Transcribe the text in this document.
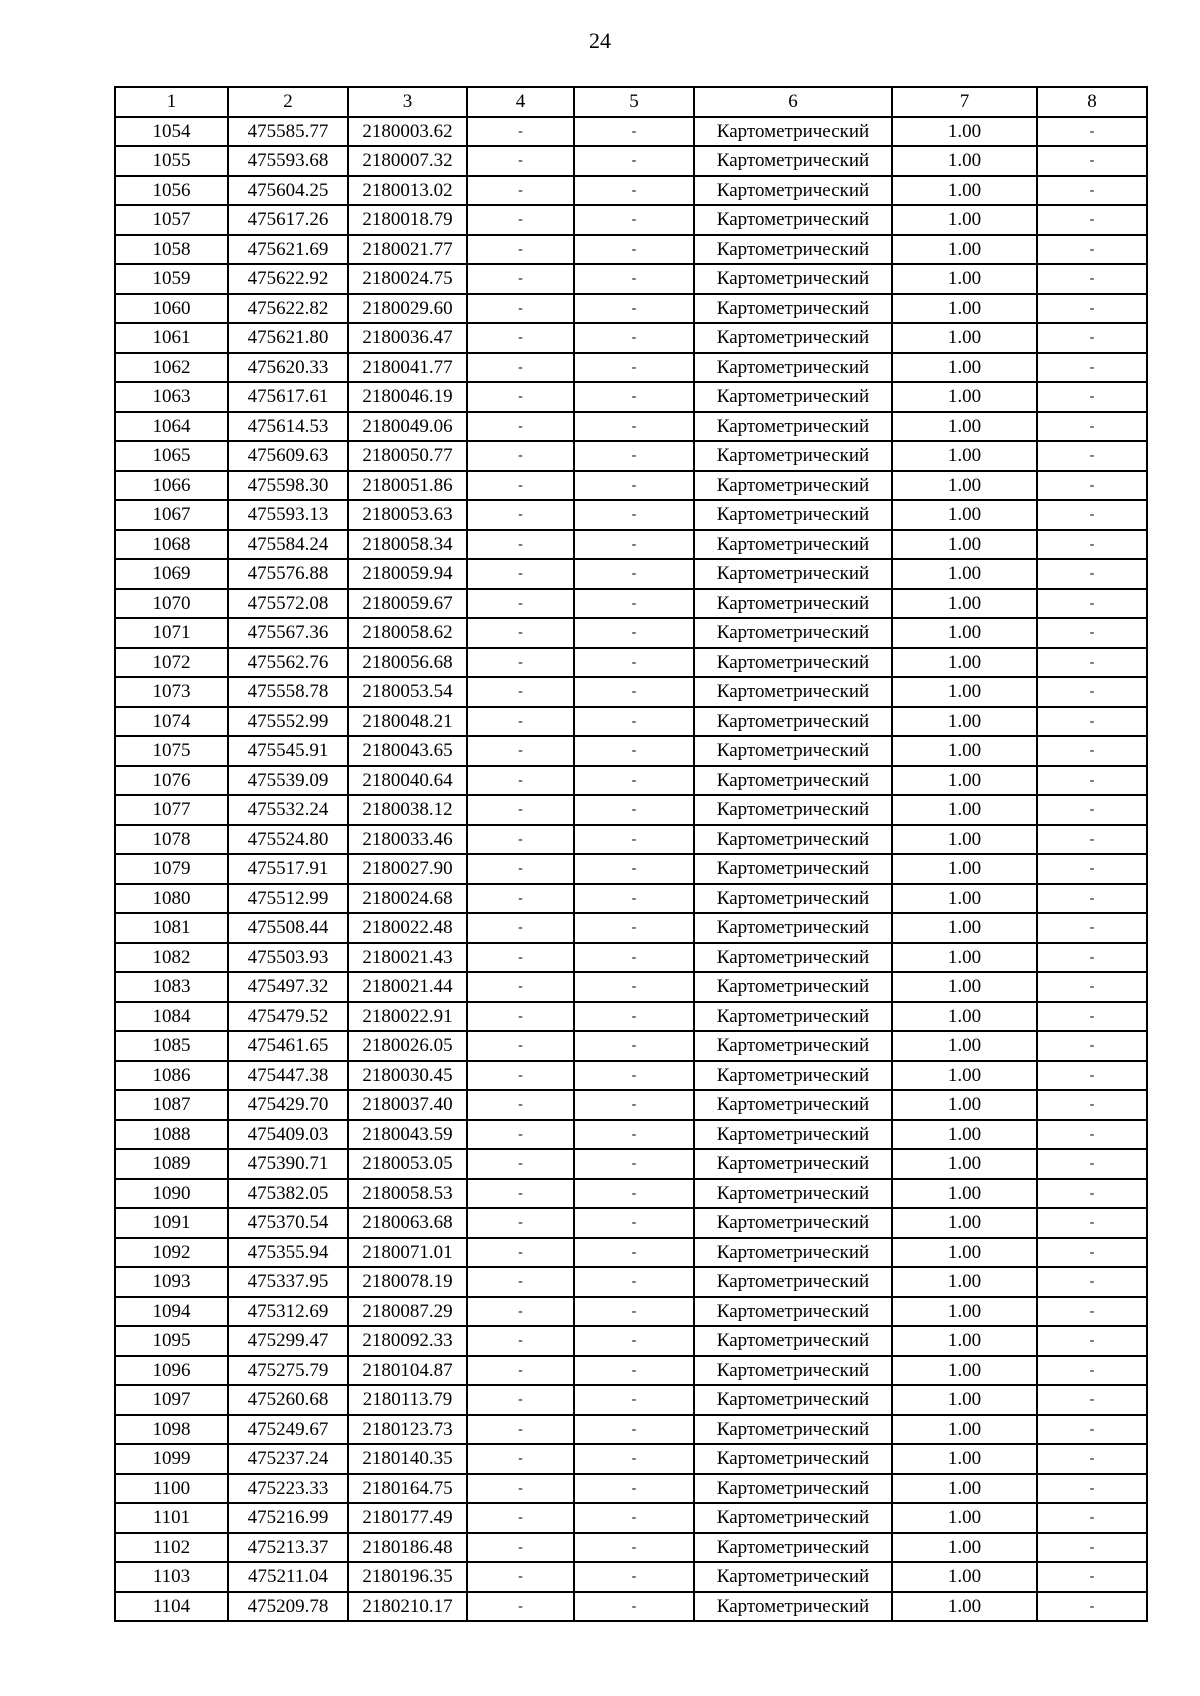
24
1	2	3	4	5	6	7	8
1054	475585.77	2180003.62	-	-	Картометрический	1.00	-
1055	475593.68	2180007.32	-	-	Картометрический	1.00	-
1056	475604.25	2180013.02	-	-	Картометрический	1.00	-
1057	475617.26	2180018.79	-	-	Картометрический	1.00	-
1058	475621.69	2180021.77	-	-	Картометрический	1.00	-
1059	475622.92	2180024.75	-	-	Картометрический	1.00	-
1060	475622.82	2180029.60	-	-	Картометрический	1.00	-
1061	475621.80	2180036.47	-	-	Картометрический	1.00	-
1062	475620.33	2180041.77	-	-	Картометрический	1.00	-
1063	475617.61	2180046.19	-	-	Картометрический	1.00	-
1064	475614.53	2180049.06	-	-	Картометрический	1.00	-
1065	475609.63	2180050.77	-	-	Картометрический	1.00	-
1066	475598.30	2180051.86	-	-	Картометрический	1.00	-
1067	475593.13	2180053.63	-	-	Картометрический	1.00	-
1068	475584.24	2180058.34	-	-	Картометрический	1.00	-
1069	475576.88	2180059.94	-	-	Картометрический	1.00	-
1070	475572.08	2180059.67	-	-	Картометрический	1.00	-
1071	475567.36	2180058.62	-	-	Картометрический	1.00	-
1072	475562.76	2180056.68	-	-	Картометрический	1.00	-
1073	475558.78	2180053.54	-	-	Картометрический	1.00	-
1074	475552.99	2180048.21	-	-	Картометрический	1.00	-
1075	475545.91	2180043.65	-	-	Картометрический	1.00	-
1076	475539.09	2180040.64	-	-	Картометрический	1.00	-
1077	475532.24	2180038.12	-	-	Картометрический	1.00	-
1078	475524.80	2180033.46	-	-	Картометрический	1.00	-
1079	475517.91	2180027.90	-	-	Картометрический	1.00	-
1080	475512.99	2180024.68	-	-	Картометрический	1.00	-
1081	475508.44	2180022.48	-	-	Картометрический	1.00	-
1082	475503.93	2180021.43	-	-	Картометрический	1.00	-
1083	475497.32	2180021.44	-	-	Картометрический	1.00	-
1084	475479.52	2180022.91	-	-	Картометрический	1.00	-
1085	475461.65	2180026.05	-	-	Картометрический	1.00	-
1086	475447.38	2180030.45	-	-	Картометрический	1.00	-
1087	475429.70	2180037.40	-	-	Картометрический	1.00	-
1088	475409.03	2180043.59	-	-	Картометрический	1.00	-
1089	475390.71	2180053.05	-	-	Картометрический	1.00	-
1090	475382.05	2180058.53	-	-	Картометрический	1.00	-
1091	475370.54	2180063.68	-	-	Картометрический	1.00	-
1092	475355.94	2180071.01	-	-	Картометрический	1.00	-
1093	475337.95	2180078.19	-	-	Картометрический	1.00	-
1094	475312.69	2180087.29	-	-	Картометрический	1.00	-
1095	475299.47	2180092.33	-	-	Картометрический	1.00	-
1096	475275.79	2180104.87	-	-	Картометрический	1.00	-
1097	475260.68	2180113.79	-	-	Картометрический	1.00	-
1098	475249.67	2180123.73	-	-	Картометрический	1.00	-
1099	475237.24	2180140.35	-	-	Картометрический	1.00	-
1100	475223.33	2180164.75	-	-	Картометрический	1.00	-
1101	475216.99	2180177.49	-	-	Картометрический	1.00	-
1102	475213.37	2180186.48	-	-	Картометрический	1.00	-
1103	475211.04	2180196.35	-	-	Картометрический	1.00	-
1104	475209.78	2180210.17	-	-	Картометрический	1.00	-
